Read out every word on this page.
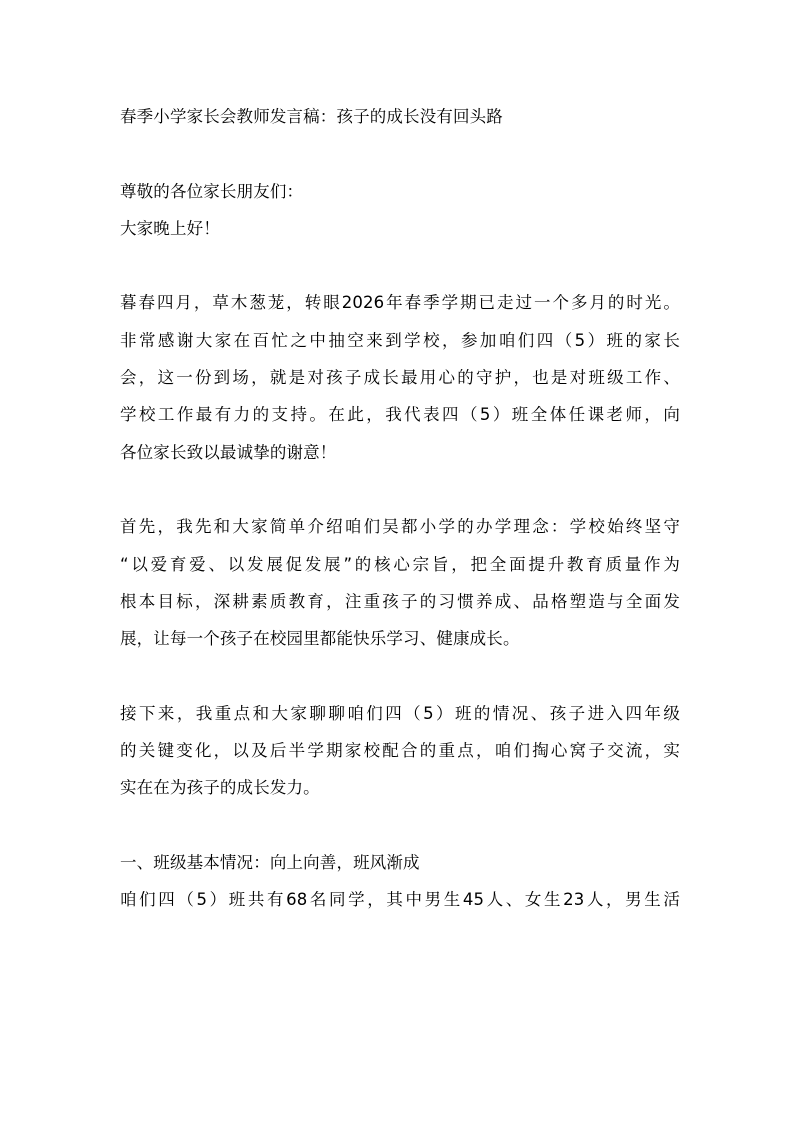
春季小学家长会教师发言稿：孩子的成长没有回头路
尊敬的各位家长朋友们：
大家晚上好！
暮春四月，草木葱茏，转眼2026年春季学期已走过一个多月的时光。
非常感谢大家在百忙之中抽空来到学校，参加咱们四（5）班的家长
会，这一份到场，就是对孩子成长最用心的守护，也是对班级工作、
学校工作最有力的支持。在此，我代表四（5）班全体任课老师，向
各位家长致以最诚挚的谢意！
首先，我先和大家简单介绍咱们吴都小学的办学理念：学校始终坚守
“以爱育爱、以发展促发展”的核心宗旨，把全面提升教育质量作为
根本目标，深耕素质教育，注重孩子的习惯养成、品格塑造与全面发
展，让每一个孩子在校园里都能快乐学习、健康成长。
接下来，我重点和大家聊聊咱们四（5）班的情况、孩子进入四年级
的关键变化，以及后半学期家校配合的重点，咱们掏心窝子交流，实
实在在为孩子的成长发力。
一、班级基本情况：向上向善，班风渐成
咱们四（5）班共有68名同学，其中男生45人、女生23人，男生活
